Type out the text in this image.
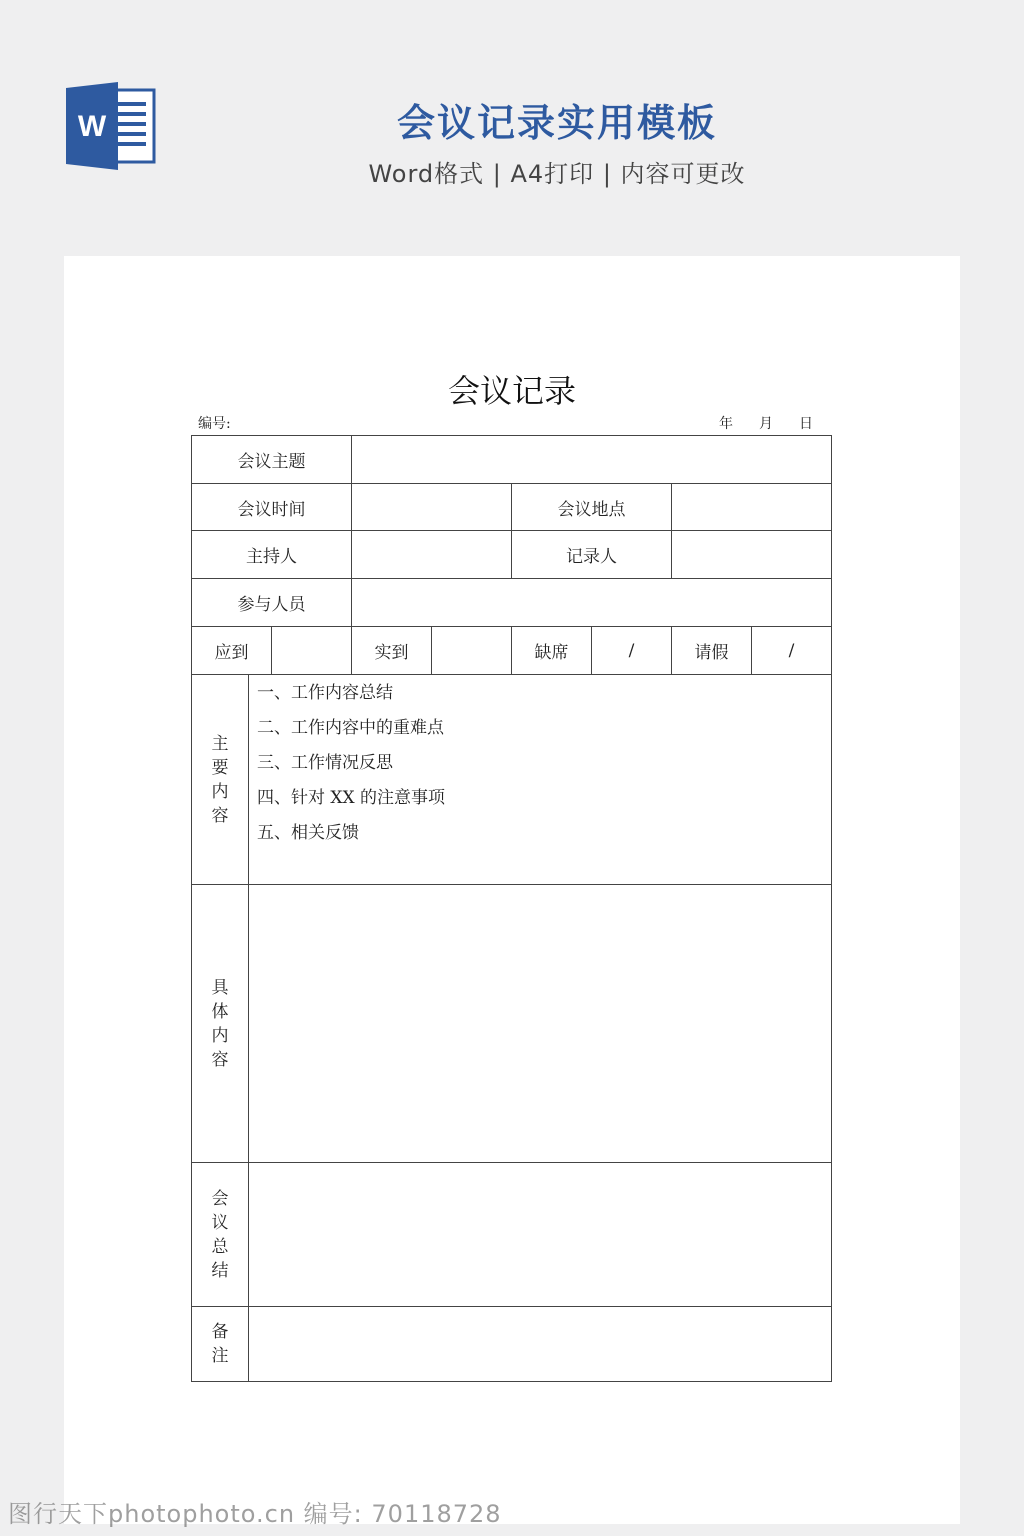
W	会议记录实用模板
Word格式 | A4打印 | 内容可更改
会议记录
编号:	年	月	日
会议主题
会议时间	会议地点
主持人	记录人
参与人员
应到	实到	缺席	/	请假	/
主要内容
一、工作内容总结
二、工作内容中的重难点
三、工作情况反思
四、针对 XX 的注意事项
五、相关反馈
具体内容
会议总结
备注
图行天下photophoto.cn 编号: 70118728
